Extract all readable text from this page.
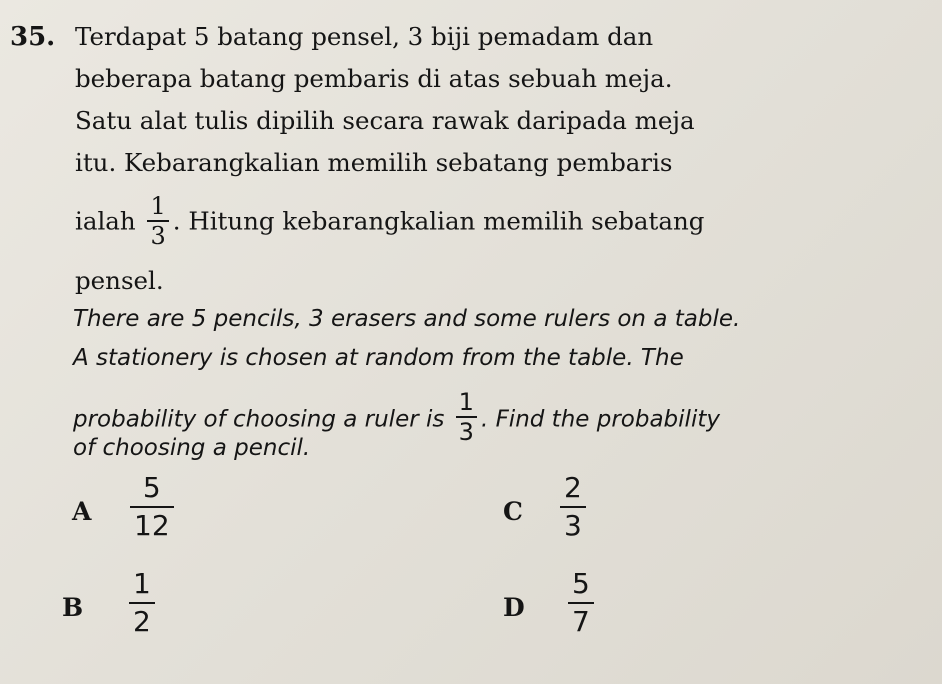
35. Terdapat 5 batang pensel, 3 biji pemadam dan
beberapa batang pembaris di atas sebuah meja.
Satu alat tulis dipilih secara rawak daripada meja
itu. Kebarangkalian memilih sebatang pembaris
ialah $\frac{1}{3}$ . Hitung kebarangkalian memilih sebatang
pensel.
There are 5 pencils, 3 erasers and some rulers on a table.
A stationery is chosen at random from the table. The
probability of choosing a ruler is $\frac{1}{3}$ . Find the probability
of choosing a pencil.
A $\frac{5}{12}$	C $\frac{2}{3}$
B $\frac{1}{2}$	D $\frac{5}{7}$
